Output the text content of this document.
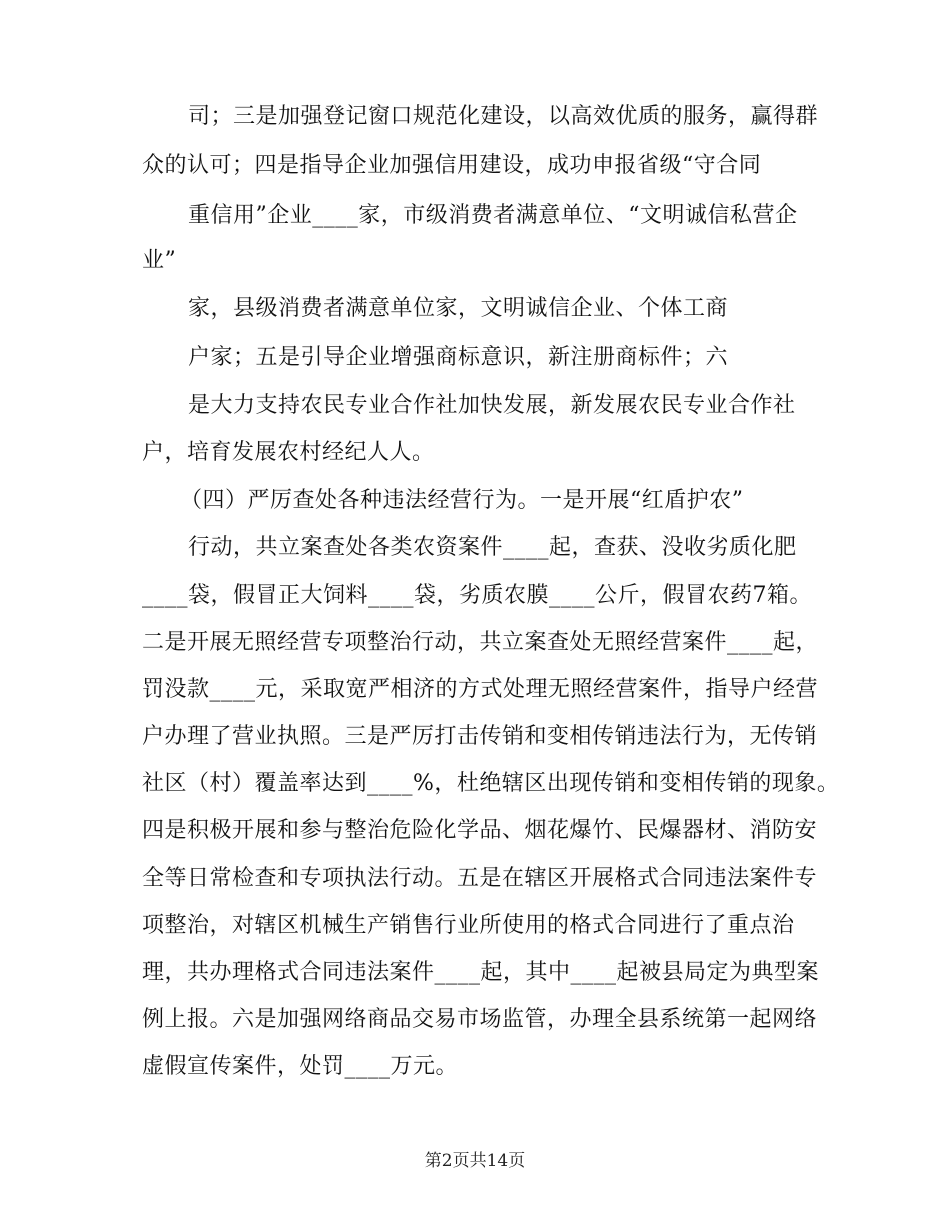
司；三是加强登记窗口规范化建设，以高效优质的服务，赢得群
众的认可；四是指导企业加强信用建设，成功申报省级“守合同
重信用”企业____家，市级消费者满意单位、“文明诚信私营企
业”
家，县级消费者满意单位家，文明诚信企业、个体工商
户家；五是引导企业增强商标意识，新注册商标件；六
是大力支持农民专业合作社加快发展，新发展农民专业合作社
户，培育发展农村经纪人人。
（四）严厉查处各种违法经营行为。一是开展“红盾护农”
行动，共立案查处各类农资案件____起，查获、没收劣质化肥
____袋，假冒正大饲料____袋，劣质农膜____公斤，假冒农药7箱。
二是开展无照经营专项整治行动，共立案查处无照经营案件____起，
罚没款____元，采取宽严相济的方式处理无照经营案件，指导户经营
户办理了营业执照。三是严厉打击传销和变相传销违法行为，无传销
社区（村）覆盖率达到____%，杜绝辖区出现传销和变相传销的现象。
四是积极开展和参与整治危险化学品、烟花爆竹、民爆器材、消防安
全等日常检查和专项执法行动。五是在辖区开展格式合同违法案件专
项整治，对辖区机械生产销售行业所使用的格式合同进行了重点治
理，共办理格式合同违法案件____起，其中____起被县局定为典型案
例上报。六是加强网络商品交易市场监管，办理全县系统第一起网络
虚假宣传案件，处罚____万元。
第2页共14页
